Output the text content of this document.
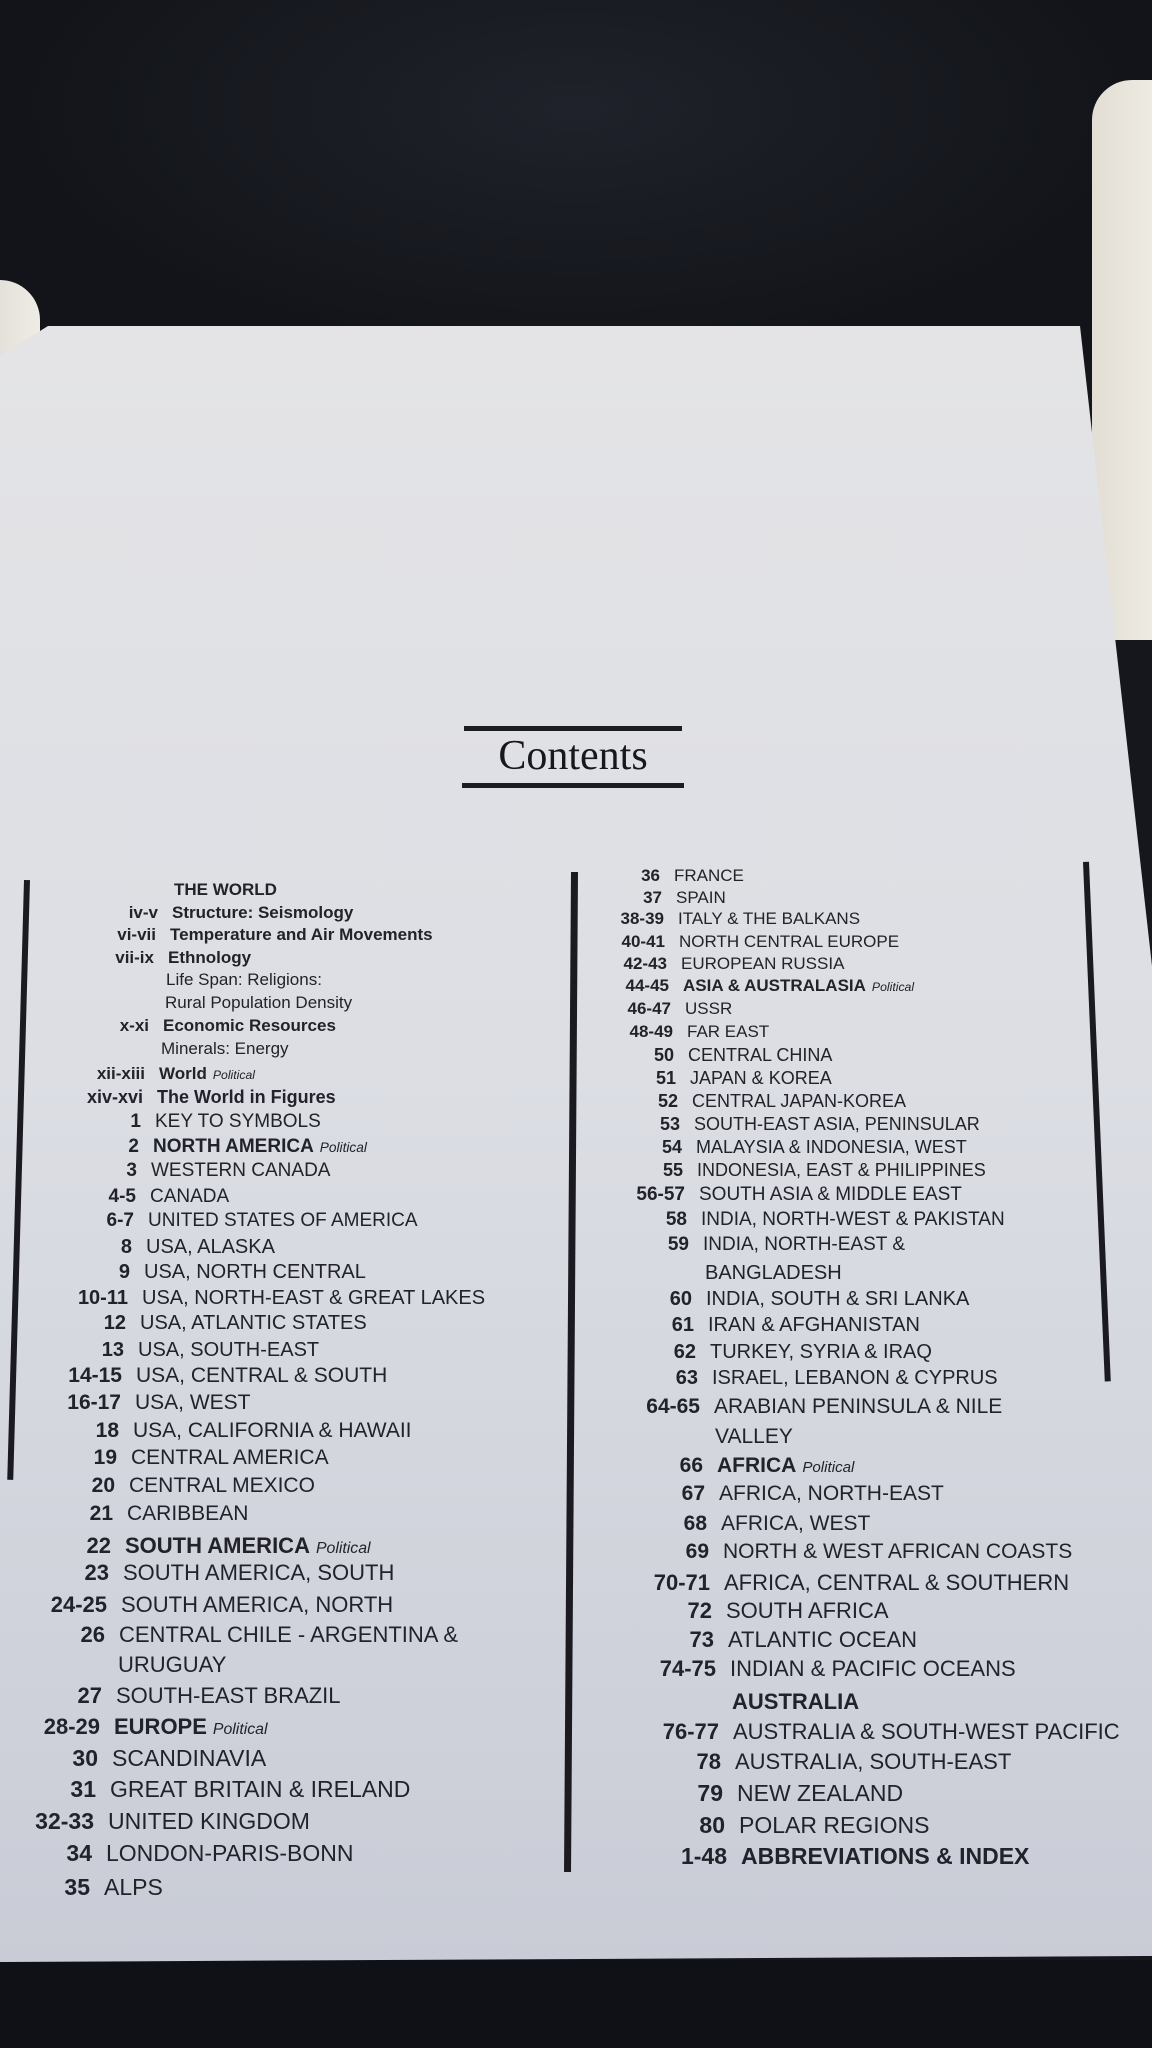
Contents
THE WORLD
iv-v Structure: Seismology
vi-vii Temperature and Air Movements
vii-ix Ethnology
Life Span: Religions:
Rural Population Density
x-xi Economic Resources
Minerals: Energy
xii-xiii World Political
xiv-xvi The World in Figures
1 KEY TO SYMBOLS
2 NORTH AMERICA Political
3 WESTERN CANADA
4-5 CANADA
6-7 UNITED STATES OF AMERICA
8 USA, ALASKA
9 USA, NORTH CENTRAL
10-11 USA, NORTH-EAST & GREAT LAKES
12 USA, ATLANTIC STATES
13 USA, SOUTH-EAST
14-15 USA, CENTRAL & SOUTH
16-17 USA, WEST
18 USA, CALIFORNIA & HAWAII
19 CENTRAL AMERICA
20 CENTRAL MEXICO
21 CARIBBEAN
22 SOUTH AMERICA Political
23 SOUTH AMERICA, SOUTH
24-25 SOUTH AMERICA, NORTH
26 CENTRAL CHILE - ARGENTINA &
URUGUAY
27 SOUTH-EAST BRAZIL
28-29 EUROPE Political
30 SCANDINAVIA
31 GREAT BRITAIN & IRELAND
32-33 UNITED KINGDOM
34 LONDON-PARIS-BONN
35 ALPS
36 FRANCE
37 SPAIN
38-39 ITALY & THE BALKANS
40-41 NORTH CENTRAL EUROPE
42-43 EUROPEAN RUSSIA
44-45 ASIA & AUSTRALASIA Political
46-47 USSR
48-49 FAR EAST
50 CENTRAL CHINA
51 JAPAN & KOREA
52 CENTRAL JAPAN-KOREA
53 SOUTH-EAST ASIA, PENINSULAR
54 MALAYSIA & INDONESIA, WEST
55 INDONESIA, EAST & PHILIPPINES
56-57 SOUTH ASIA & MIDDLE EAST
58 INDIA, NORTH-WEST & PAKISTAN
59 INDIA, NORTH-EAST &
BANGLADESH
60 INDIA, SOUTH & SRI LANKA
61 IRAN & AFGHANISTAN
62 TURKEY, SYRIA & IRAQ
63 ISRAEL, LEBANON & CYPRUS
64-65 ARABIAN PENINSULA & NILE
VALLEY
66 AFRICA Political
67 AFRICA, NORTH-EAST
68 AFRICA, WEST
69 NORTH & WEST AFRICAN COASTS
70-71 AFRICA, CENTRAL & SOUTHERN
72 SOUTH AFRICA
73 ATLANTIC OCEAN
74-75 INDIAN & PACIFIC OCEANS
AUSTRALIA
76-77 AUSTRALIA & SOUTH-WEST PACIFIC
78 AUSTRALIA, SOUTH-EAST
79 NEW ZEALAND
80 POLAR REGIONS
1-48 ABBREVIATIONS & INDEX
